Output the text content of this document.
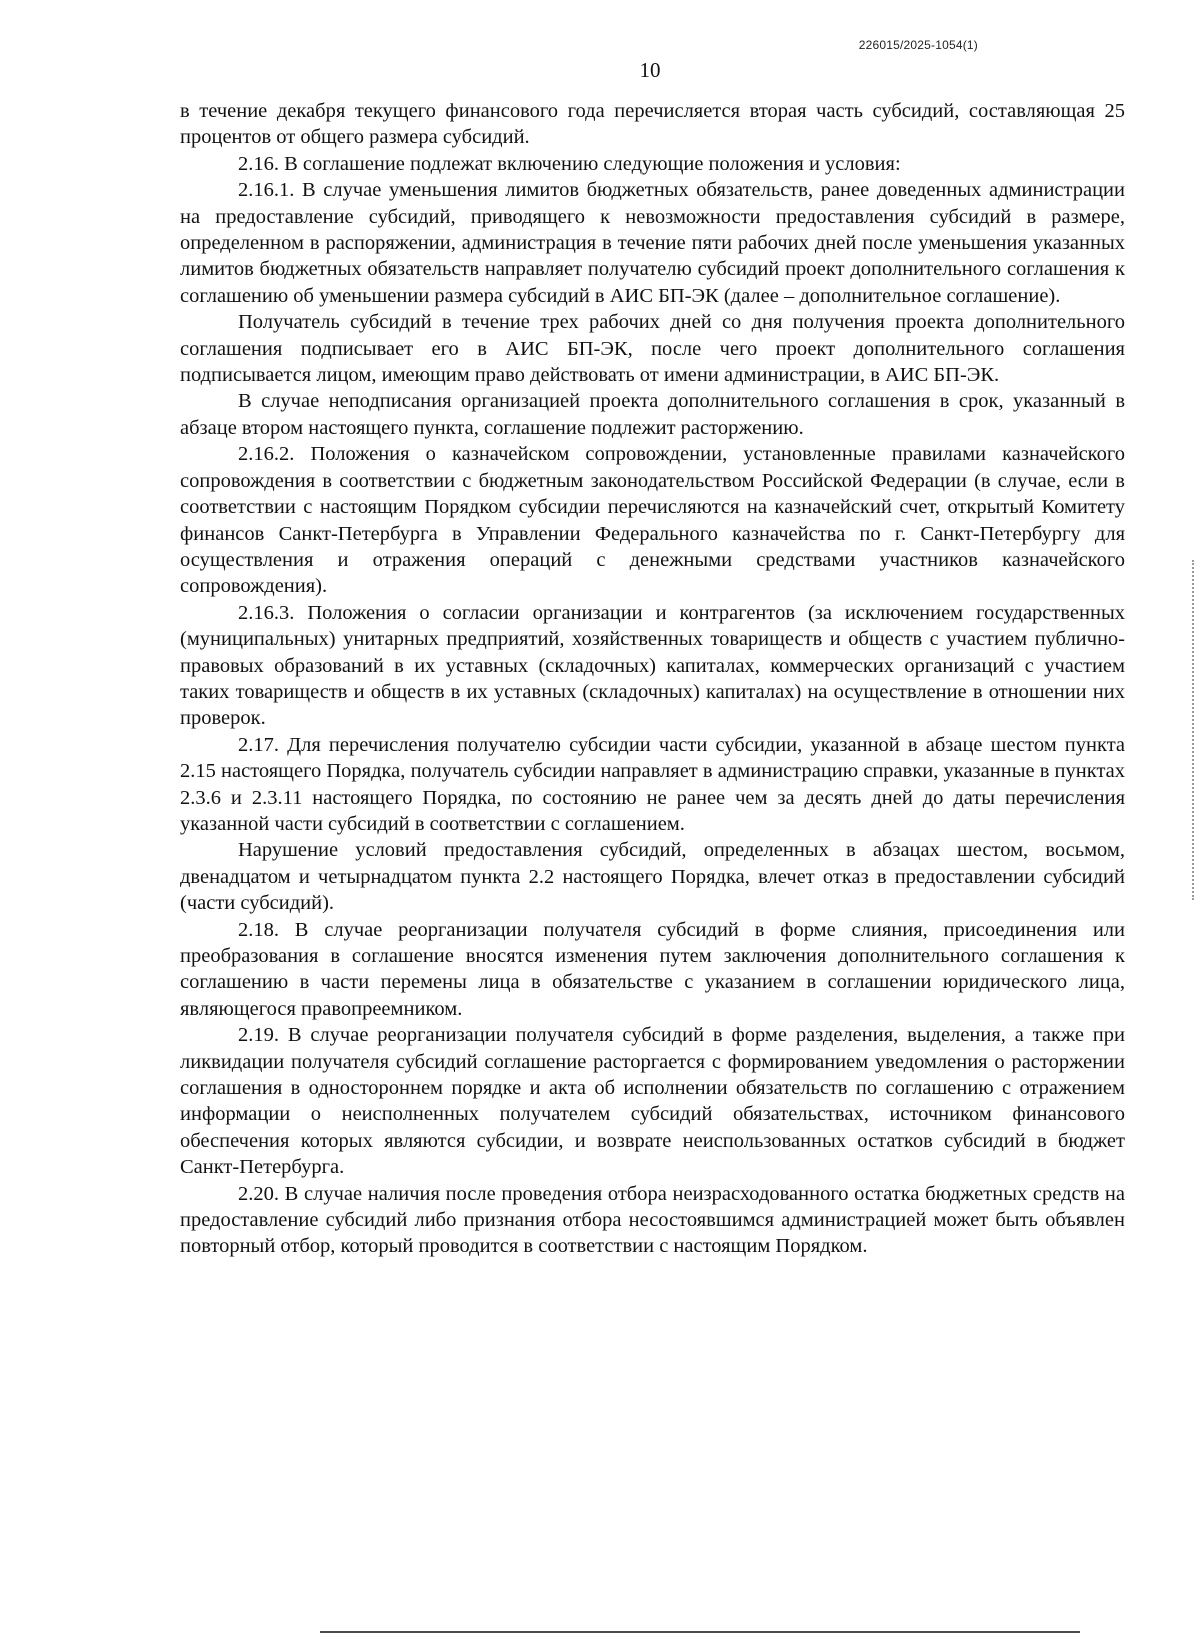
226015/2025-1054(1)
10

в течение декабря текущего финансового года перечисляется вторая часть субсидий, составляющая 25 процентов от общего размера субсидий.

2.16. В соглашение подлежат включению следующие положения и условия:

2.16.1. В случае уменьшения лимитов бюджетных обязательств, ранее доведенных администрации на предоставление субсидий, приводящего к невозможности предоставления субсидий в размере, определенном в распоряжении, администрация в течение пяти рабочих дней после уменьшения указанных лимитов бюджетных обязательств направляет получателю субсидий проект дополнительного соглашения к соглашению об уменьшении размера субсидий в АИС БП-ЭК (далее – дополнительное соглашение).

Получатель субсидий в течение трех рабочих дней со дня получения проекта дополнительного соглашения подписывает его в АИС БП-ЭК, после чего проект дополнительного соглашения подписывается лицом, имеющим право действовать от имени администрации, в АИС БП-ЭК.

В случае неподписания организацией проекта дополнительного соглашения в срок, указанный в абзаце втором настоящего пункта, соглашение подлежит расторжению.

2.16.2. Положения о казначейском сопровождении, установленные правилами казначейского сопровождения в соответствии с бюджетным законодательством Российской Федерации (в случае, если в соответствии с настоящим Порядком субсидии перечисляются на казначейский счет, открытый Комитету финансов Санкт-Петербурга в Управлении Федерального казначейства по г. Санкт-Петербургу для осуществления и отражения операций с денежными средствами участников казначейского сопровождения).

2.16.3. Положения о согласии организации и контрагентов (за исключением государственных (муниципальных) унитарных предприятий, хозяйственных товариществ и обществ с участием публично-правовых образований в их уставных (складочных) капиталах, коммерческих организаций с участием таких товариществ и обществ в их уставных (складочных) капиталах) на осуществление в отношении них проверок.

2.17. Для перечисления получателю субсидии части субсидии, указанной в абзаце шестом пункта 2.15 настоящего Порядка, получатель субсидии направляет в администрацию справки, указанные в пунктах 2.3.6 и 2.3.11 настоящего Порядка, по состоянию не ранее чем за десять дней до даты перечисления указанной части субсидий в соответствии с соглашением.

Нарушение условий предоставления субсидий, определенных в абзацах шестом, восьмом, двенадцатом и четырнадцатом пункта 2.2 настоящего Порядка, влечет отказ в предоставлении субсидий (части субсидий).

2.18. В случае реорганизации получателя субсидий в форме слияния, присоединения или преобразования в соглашение вносятся изменения путем заключения дополнительного соглашения к соглашению в части перемены лица в обязательстве с указанием в соглашении юридического лица, являющегося правопреемником.

2.19. В случае реорганизации получателя субсидий в форме разделения, выделения, а также при ликвидации получателя субсидий соглашение расторгается с формированием уведомления о расторжении соглашения в одностороннем порядке и акта об исполнении обязательств по соглашению с отражением информации о неисполненных получателем субсидий обязательствах, источником финансового обеспечения которых являются субсидии, и возврате неиспользованных остатков субсидий в бюджет Санкт-Петербурга.

2.20. В случае наличия после проведения отбора неизрасходованного остатка бюджетных средств на предоставление субсидий либо признания отбора несостоявшимся администрацией может быть объявлен повторный отбор, который проводится в соответствии с настоящим Порядком.
